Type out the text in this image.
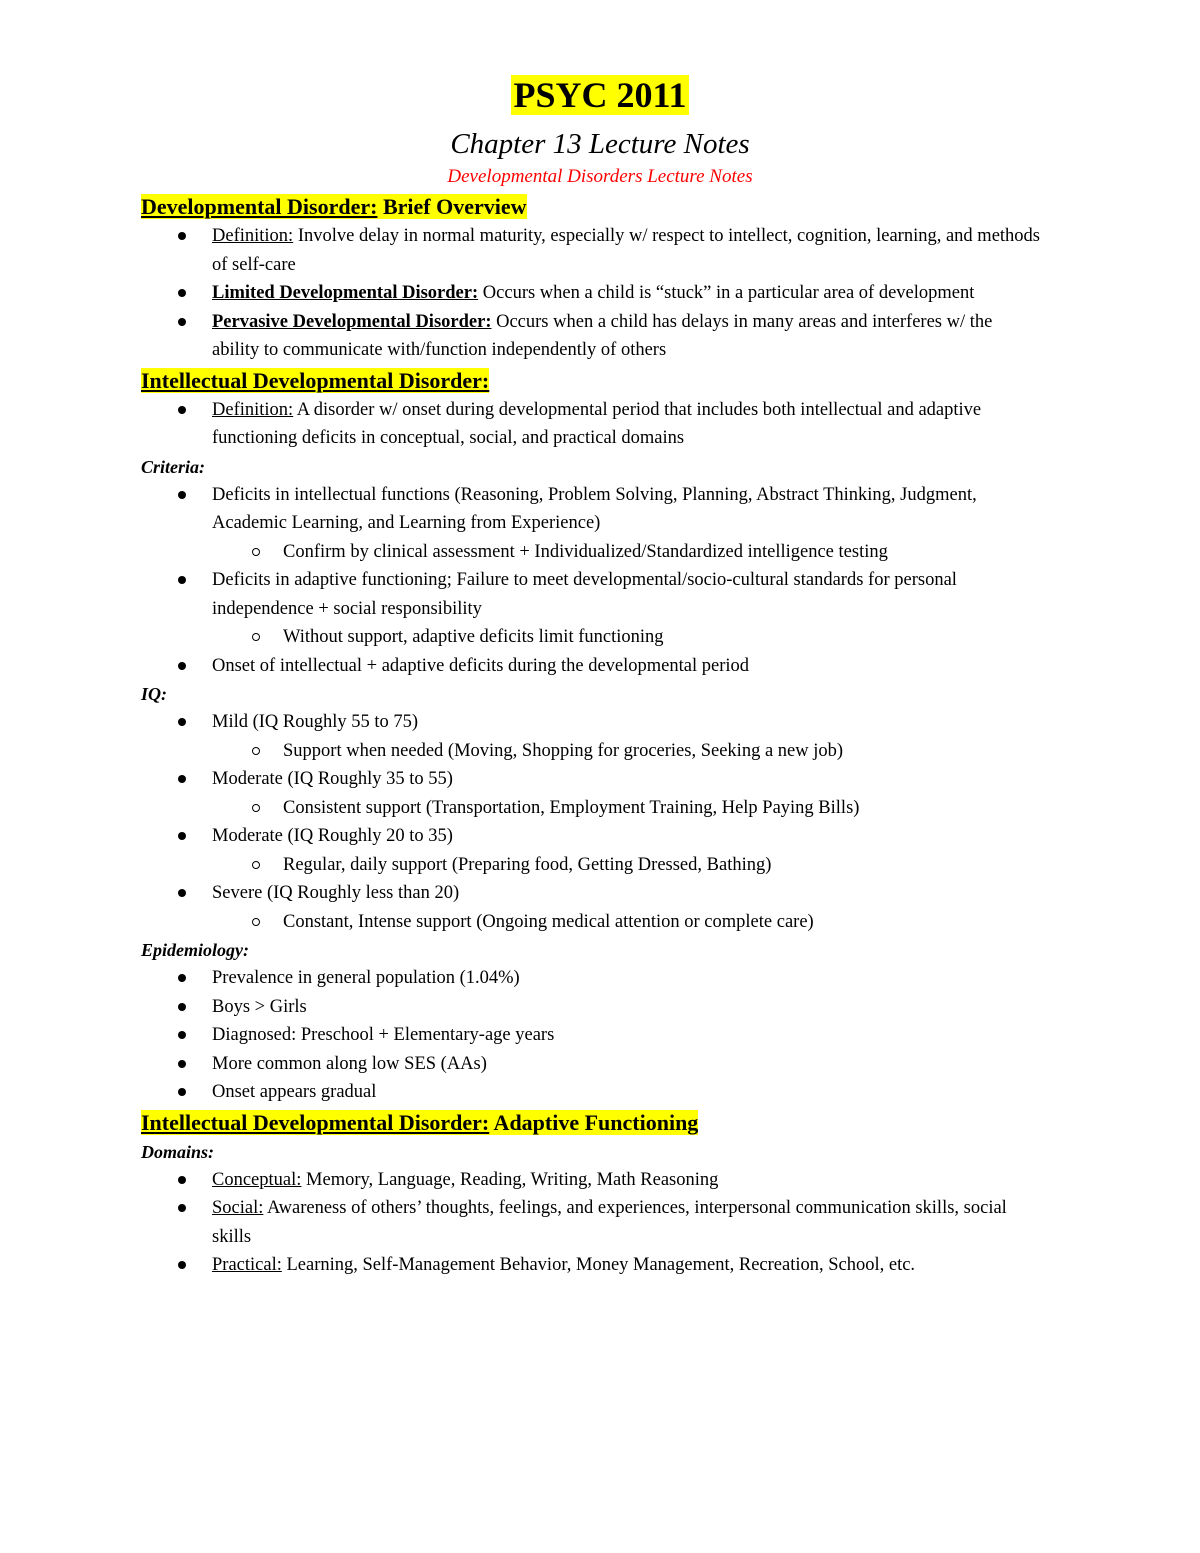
PSYC 2011
Chapter 13 Lecture Notes
Developmental Disorders Lecture Notes

Developmental Disorder: Brief Overview

Definition: Involve delay in normal maturity, especially w/ respect to intellect, cognition, learning, and methods of self-care
Limited Developmental Disorder: Occurs when a child is “stuck” in a particular area of development
Pervasive Developmental Disorder: Occurs when a child has delays in many areas and interferes w/ the ability to communicate with/function independently of others

Intellectual Developmental Disorder:

Definition: A disorder w/ onset during developmental period that includes both intellectual and adaptive functioning deficits in conceptual, social, and practical domains

Criteria:

Deficits in intellectual functions (Reasoning, Problem Solving, Planning, Abstract Thinking, Judgment, Academic Learning, and Learning from Experience)
Confirm by clinical assessment + Individualized/Standardized intelligence testing
Deficits in adaptive functioning; Failure to meet developmental/socio-cultural standards for personal independence + social responsibility
Without support, adaptive deficits limit functioning
Onset of intellectual + adaptive deficits during the developmental period

IQ:

Mild (IQ Roughly 55 to 75)
Support when needed (Moving, Shopping for groceries, Seeking a new job)
Moderate (IQ Roughly 35 to 55)
Consistent support (Transportation, Employment Training, Help Paying Bills)
Moderate (IQ Roughly 20 to 35)
Regular, daily support (Preparing food, Getting Dressed, Bathing)
Severe (IQ Roughly less than 20)
Constant, Intense support (Ongoing medical attention or complete care)

Epidemiology:

Prevalence in general population (1.04%)
Boys > Girls
Diagnosed: Preschool + Elementary-age years
More common along low SES (AAs)
Onset appears gradual

Intellectual Developmental Disorder: Adaptive Functioning

Domains:

Conceptual: Memory, Language, Reading, Writing, Math Reasoning
Social: Awareness of others’ thoughts, feelings, and experiences, interpersonal communication skills, social skills
Practical: Learning, Self-Management Behavior, Money Management, Recreation, School, etc.
